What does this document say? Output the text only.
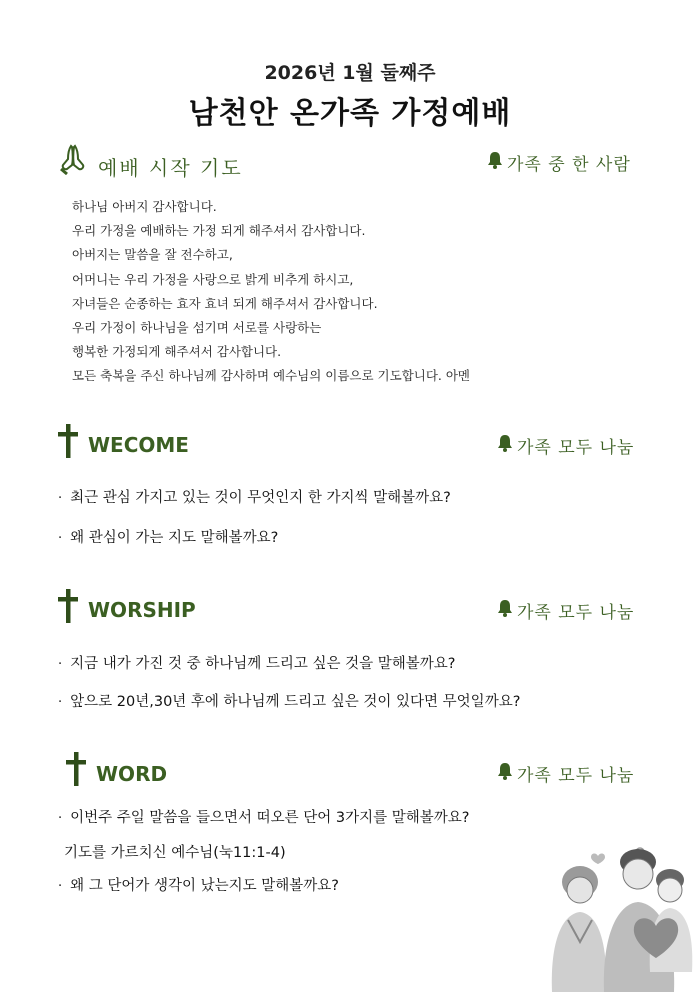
2026년 1월 둘째주
남천안 온가족 가정예배
예배 시작 기도	가족 중 한 사람
하나님 아버지 감사합니다.
우리 가정을 예배하는 가정 되게 해주셔서 감사합니다.
아버지는 말씀을 잘 전수하고,
어머니는 우리 가정을 사랑으로 밝게 비추게 하시고,
자녀들은 순종하는 효자 효녀 되게 해주셔서 감사합니다.
우리 가정이 하나님을 섬기며 서로를 사랑하는
행복한 가정되게 해주셔서 감사합니다.
모든 축복을 주신 하나님께 감사하며 예수님의 이름으로 기도합니다. 아멘
WECOME	가족 모두 나눔
· 최근 관심 가지고 있는 것이 무엇인지 한 가지씩 말해볼까요?
· 왜 관심이 가는 지도 말해볼까요?
WORSHIP	가족 모두 나눔
· 지금 내가 가진 것 중 하나님께 드리고 싶은 것을 말해볼까요?
· 앞으로 20년,30년 후에 하나님께 드리고 싶은 것이 있다면 무엇일까요?
WORD	가족 모두 나눔
· 이번주 주일 말씀을 들으면서 떠오른 단어 3가지를 말해볼까요?
기도를 가르치신 예수님(눅11:1-4)
· 왜 그 단어가 생각이 났는지도 말해볼까요?
